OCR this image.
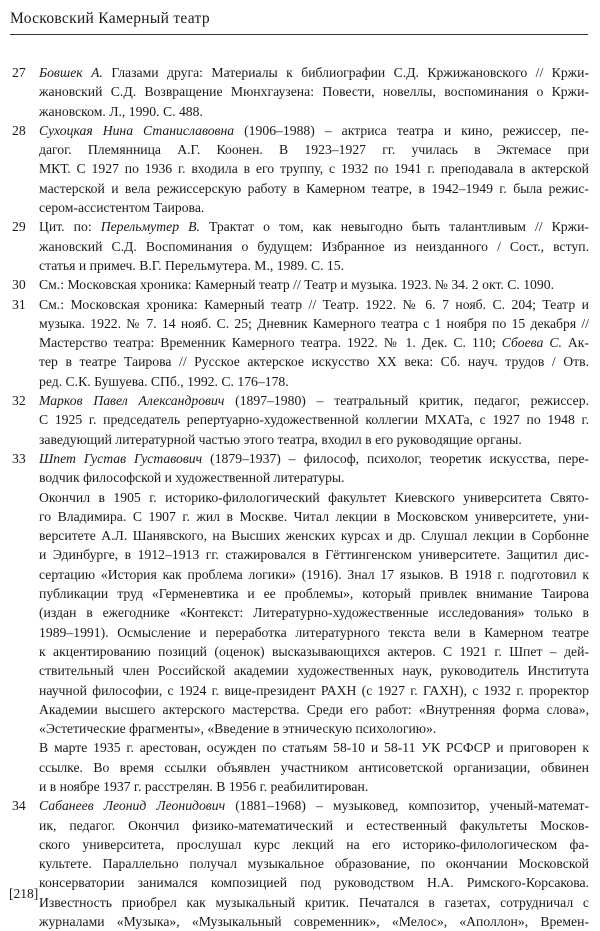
Московский Камерный театр
27 Бовшек А. Глазами друга: Материалы к библиографии С.Д. Кржижановского // Кржи-
жановский С.Д. Возвращение Мюнхгаузена: Повести, новеллы, воспоминания о Кржи-
жановском. Л., 1990. С. 488.
28 Сухоцкая Нина Станиславовна (1906–1988) – актриса театра и кино, режиссер, пе-
дагог. Племянница А.Г. Коонен. В 1923–1927 гг. училась в Эктемасе при
МКТ. С 1927 по 1936 г. входила в его труппу, с 1932 по 1941 г. преподавала в актерской
мастерской и вела режиссерскую работу в Камерном театре, в 1942–1949 г. была режис-
сером-ассистентом Таирова.
29 Цит. по: Перельмутер В. Трактат о том, как невыгодно быть талантливым // Кржи-
жановский С.Д. Воспоминания о будущем: Избранное из неизданного / Сост., вступ.
статья и примеч. В.Г. Перельмутера. М., 1989. С. 15.
30 См.: Московская хроника: Камерный театр // Театр и музыка. 1923. № 34. 2 окт. С. 1090.
31 См.: Московская хроника: Камерный театр // Театр. 1922. № 6. 7 нояб. С. 204; Театр и
музыка. 1922. № 7. 14 нояб. С. 25; Дневник Камерного театра с 1 ноября по 15 декабря //
Мастерство театра: Временник Камерного театра. 1922. № 1. Дек. С. 110; Сбоева С. Ак-
тер в театре Таирова // Русское актерское искусство XX века: Сб. науч. трудов / Отв.
ред. С.К. Бушуева. СПб., 1992. С. 176–178.
32 Марков Павел Александрович (1897–1980) – театральный критик, педагог, режиссер.
С 1925 г. председатель репертуарно-художественной коллегии МХАТа, с 1927 по 1948 г.
заведующий литературной частью этого театра, входил в его руководящие органы.
33 Шпет Густав Густавович (1879–1937) – философ, психолог, теоретик искусства, пере-
водчик философской и художественной литературы.
Окончил в 1905 г. историко-филологический факультет Киевского университета Свято-
го Владимира. С 1907 г. жил в Москве. Читал лекции в Московском университете, уни-
верситете А.Л. Шанявского, на Высших женских курсах и др. Слушал лекции в Сорбонне
и Эдинбурге, в 1912–1913 гг. стажировался в Гёттингенском университете. Защитил дис-
сертацию «История как проблема логики» (1916). Знал 17 языков. В 1918 г. подготовил к
публикации труд «Герменевтика и ее проблемы», который привлек внимание Таирова
(издан в ежегоднике «Контекст: Литературно-художественные исследования» только в
1989–1991). Осмысление и переработка литературного текста вели в Камерном театре
к акцентированию позиций (оценок) высказывающихся актеров. С 1921 г. Шпет – дей-
ствительный член Российской академии художественных наук, руководитель Института
научной философии, с 1924 г. вице-президент РАХН (с 1927 г. ГАХН), с 1932 г. проректор
Академии высшего актерского мастерства. Среди его работ: «Внутренняя форма слова»,
«Эстетические фрагменты», «Введение в этническую психологию».
В марте 1935 г. арестован, осужден по статьям 58-10 и 58-11 УК РСФСР и приговорен к
ссылке. Во время ссылки объявлен участником антисоветской организации, обвинен
и в ноябре 1937 г. расстрелян. В 1956 г. реабилитирован.
34 Сабанеев Леонид Леонидович (1881–1968) – музыковед, композитор, ученый-математ-
ик, педагог. Окончил физико-математический и естественный факультеты Москов-
ского университета, прослушал курс лекций на его историко-филологическом фа-
культете. Параллельно получал музыкальное образование, по окончании Московской
консерватории занимался композицией под руководством Н.А. Римского-Корсакова.
Известность приобрел как музыкальный критик. Печатался в газетах, сотрудничал с
журналами «Музыка», «Музыкальный современник», «Мелос», «Аполлон», Времен-
[218]
